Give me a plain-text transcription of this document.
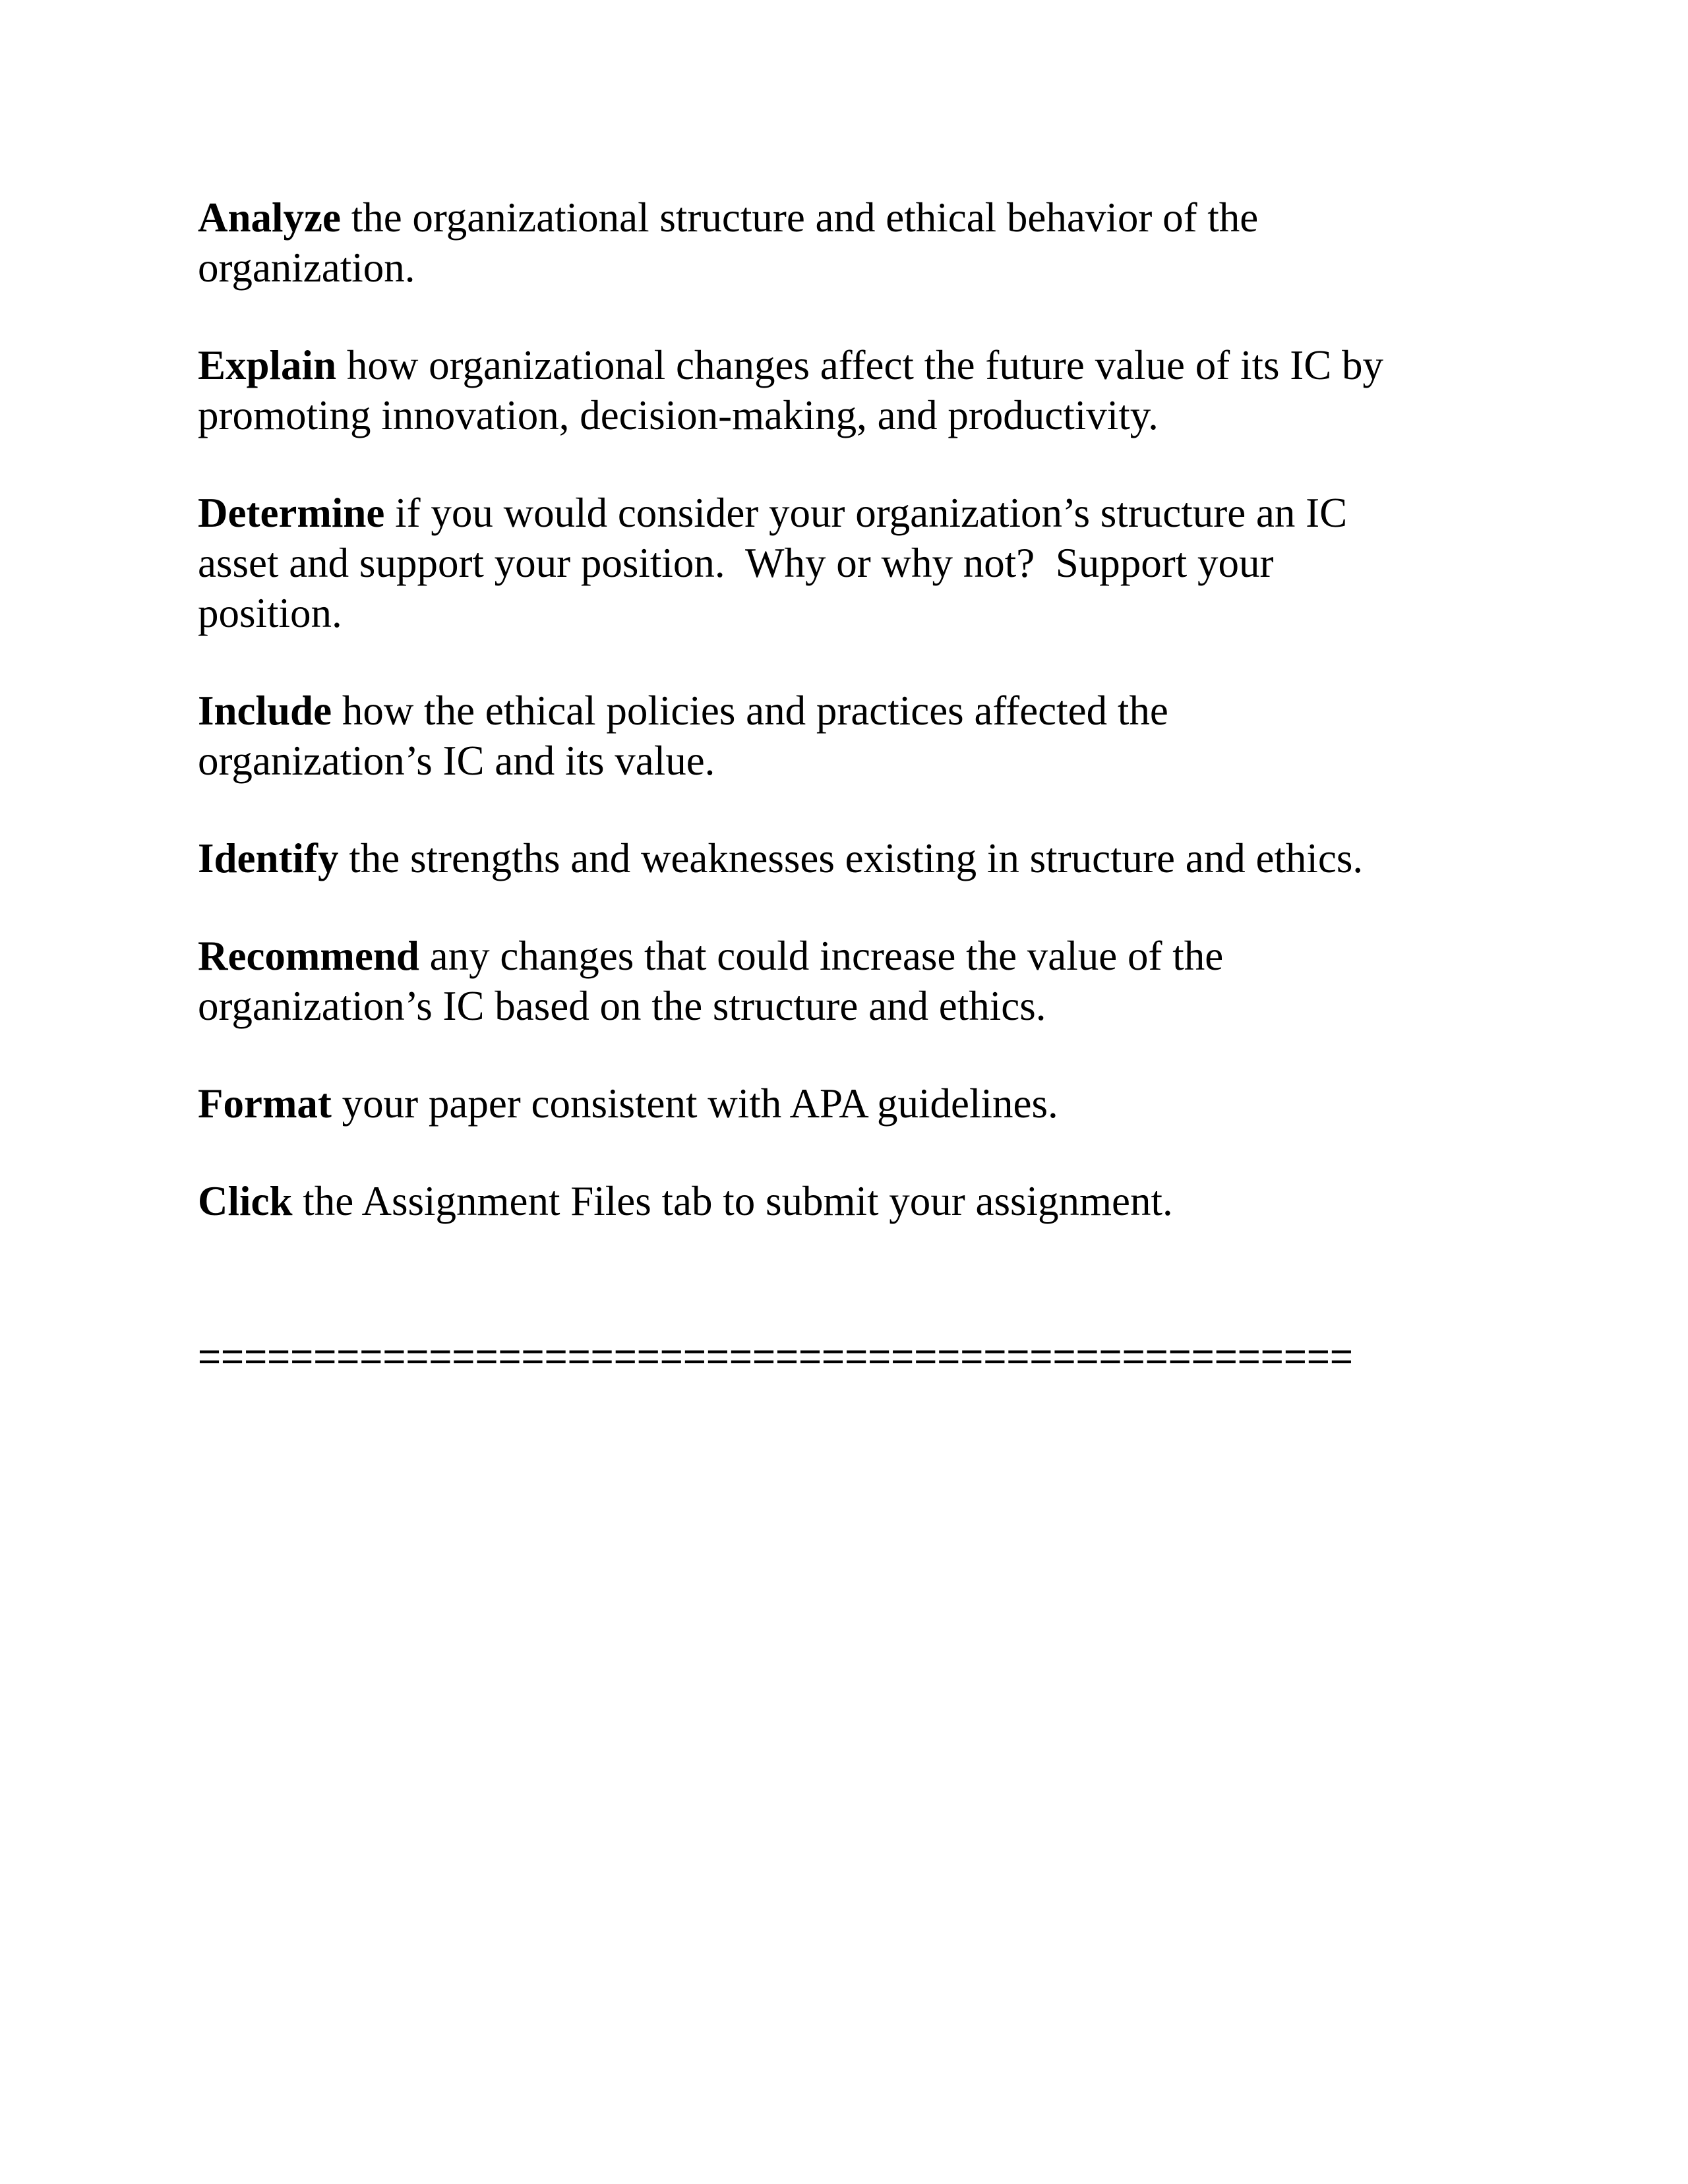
Analyze the organizational structure and ethical behavior of the
organization.

Explain how organizational changes affect the future value of its IC by
promoting innovation, decision-making, and productivity.

Determine if you would consider your organization’s structure an IC
asset and support your position.  Why or why not?  Support your
position.

Include how the ethical policies and practices affected the
organization’s IC and its value.

Identify the strengths and weaknesses existing in structure and ethics.

Recommend any changes that could increase the value of the
organization’s IC based on the structure and ethics.

Format your paper consistent with APA guidelines.

Click the Assignment Files tab to submit your assignment.

==================================================
